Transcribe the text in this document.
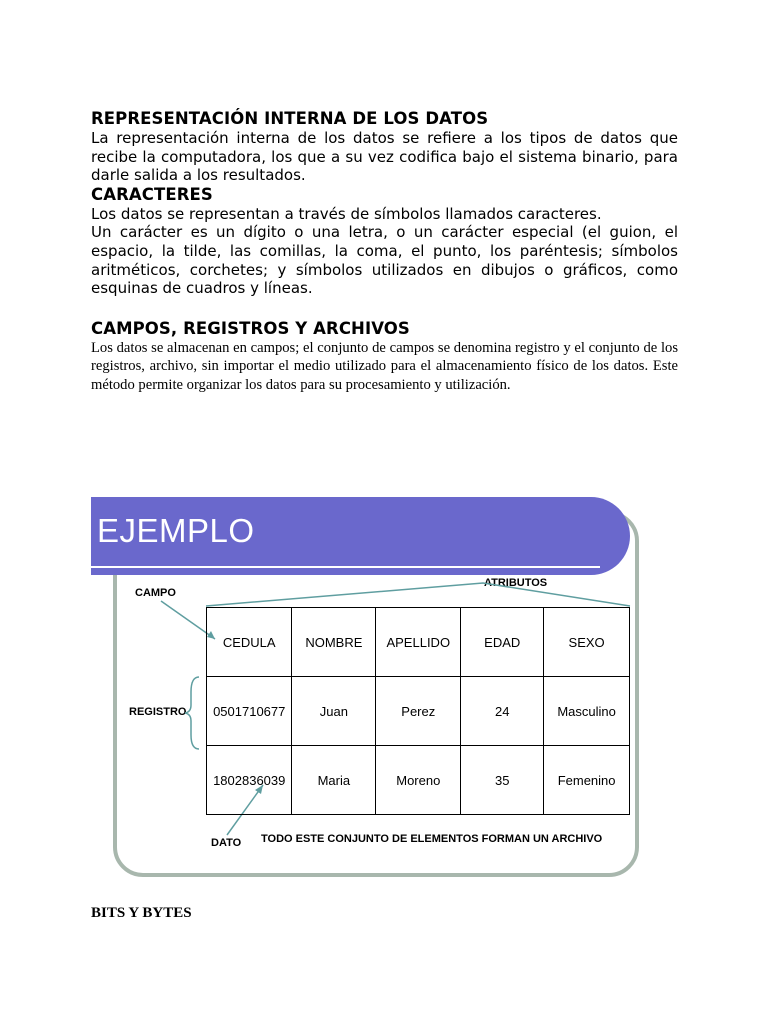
REPRESENTACIÓN INTERNA DE LOS DATOS

La representación interna de los datos se refiere a los tipos de datos que recibe la computadora, los que a su vez codifica bajo el sistema binario, para darle salida a los resultados.

CARACTERES

Los datos se representan a través de símbolos llamados caracteres.

Un carácter es un dígito o una letra, o un carácter especial (el guion, el espacio, la tilde, las comillas, la coma, el punto, los paréntesis; símbolos aritméticos, corchetes; y símbolos utilizados en dibujos o gráficos, como esquinas de cuadros y líneas.

CAMPOS, REGISTROS Y ARCHIVOS

Los datos se almacenan en campos; el conjunto de campos se denomina registro y el conjunto de los registros, archivo, sin importar el medio utilizado para el almacenamiento físico de los datos. Este método permite organizar los datos para su procesamiento y utilización.

EJEMPLO
ATRIBUTOS
CAMPO
REGISTRO
DATO TODO ESTE CONJUNTO DE ELEMENTOS FORMAN UN ARCHIVO
CEDULA	NOMBRE	APELLIDO	EDAD	SEXO
0501710677	Juan	Perez	24	Masculino
1802836039	Maria	Moreno	35	Femenino
BITS Y BYTES
